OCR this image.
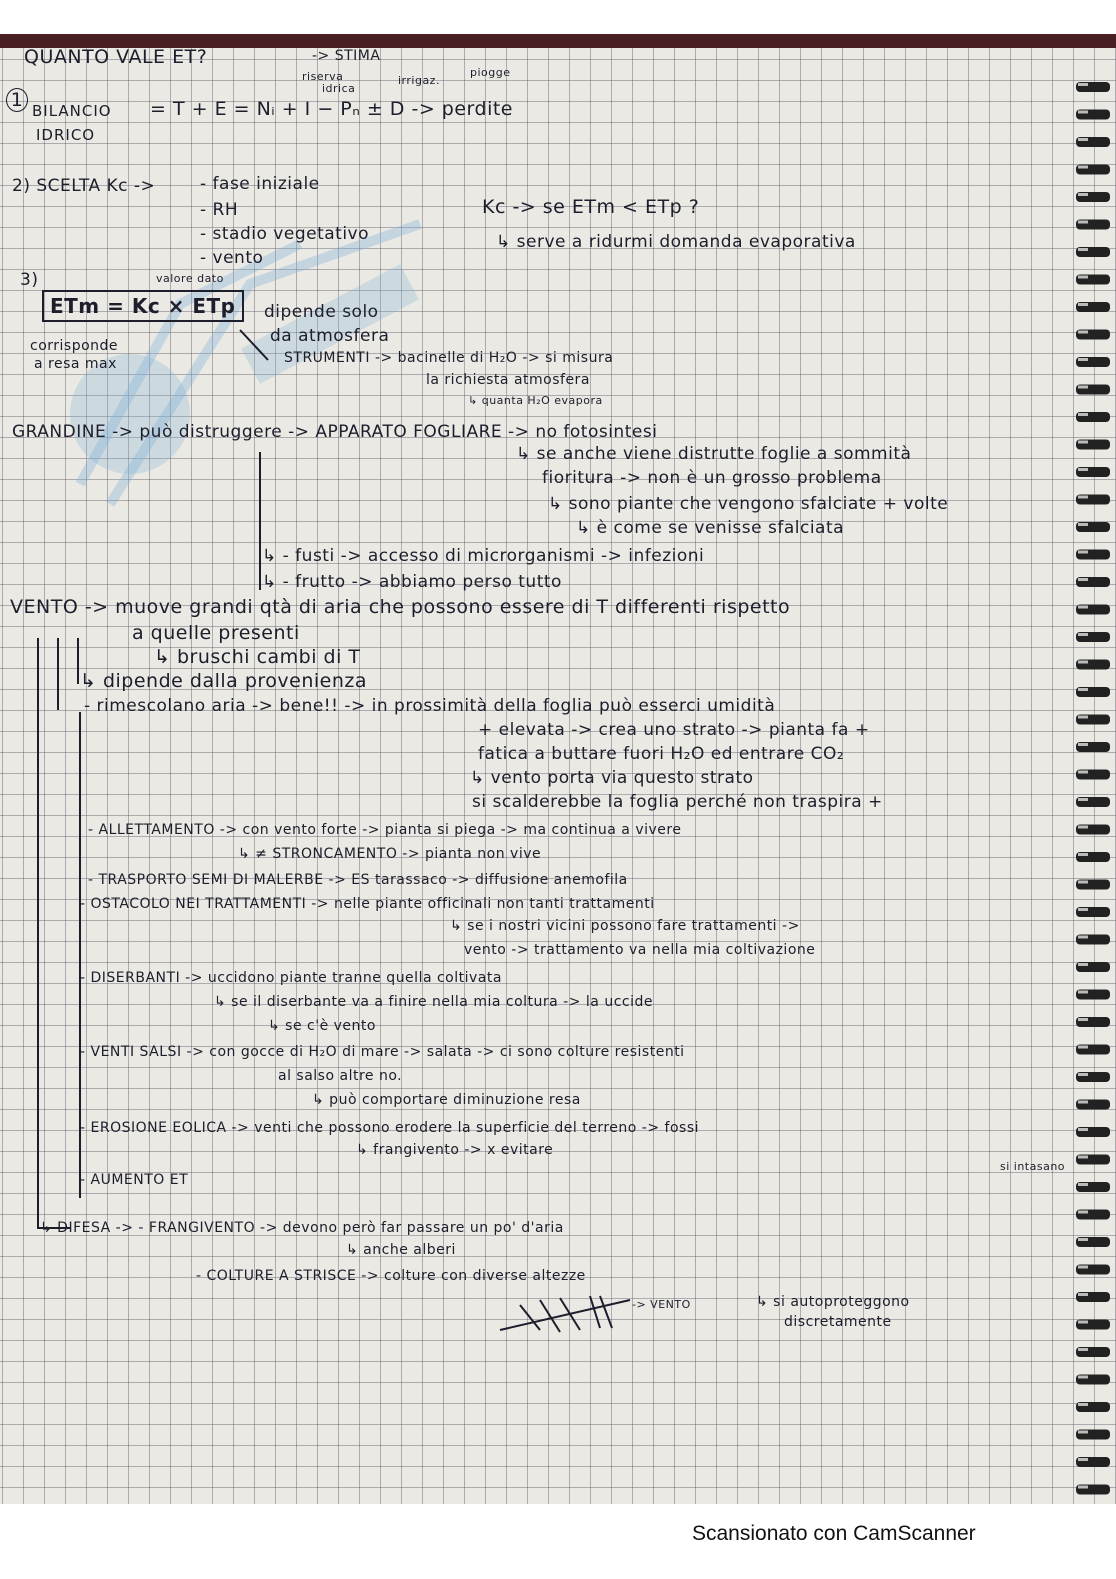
QUANTO VALE ET?	-> STIMA
1 BILANCIO
IDRICO
riserva
idrica
irrigaz.
piogge
= T + E = Nᵢ + I − Pₙ ± D -> perdite
2) SCELTA Kc ->	- fase iniziale
- RH
- stadio vegetativo
- vento
Kc -> se ETm < ETp ?
↳ serve a ridurmi domanda evaporativa
3)	valore dato
ETm = Kc × ETp	dipende solo
da atmosfera
corrisponde
a resa max	STRUMENTI -> bacinelle di H₂O -> si misura
la richiesta atmosfera
↳ quanta H₂O evapora
GRANDINE -> può distruggere -> APPARATO FOGLIARE -> no fotosintesi
↳ se anche viene distrutte foglie a sommità
fioritura -> non è un grosso problema
↳ sono piante che vengono sfalciate + volte
↳ è come se venisse sfalciata
↳ - fusti -> accesso di microrganismi -> infezioni
↳ - frutto -> abbiamo perso tutto
VENTO -> muove grandi qtà di aria che possono essere di T differenti rispetto
a quelle presenti
↳ bruschi cambi di T
↳ dipende dalla provenienza
- rimescolano aria -> bene!! -> in prossimità della foglia può esserci umidità
+ elevata -> crea uno strato -> pianta fa +
fatica a buttare fuori H₂O ed entrare CO₂
↳ vento porta via questo strato
si scalderebbe la foglia perché non traspira +
- ALLETTAMENTO -> con vento forte -> pianta si piega -> ma continua a vivere
↳ ≠ STRONCAMENTO -> pianta non vive
- TRASPORTO SEMI DI MALERBE -> ES tarassaco -> diffusione anemofila
- OSTACOLO NEI TRATTAMENTI -> nelle piante officinali non tanti trattamenti
↳ se i nostri vicini possono fare trattamenti ->
vento -> trattamento va nella mia coltivazione
- DISERBANTI -> uccidono piante tranne quella coltivata
↳ se il diserbante va a finire nella mia coltura -> la uccide
↳ se c'è vento
- VENTI SALSI -> con gocce di H₂O di mare -> salata -> ci sono colture resistenti
al salso altre no.
↳ può comportare diminuzione resa
- EROSIONE EOLICA -> venti che possono erodere la superficie del terreno -> fossi
↳ frangivento -> x evitare
si intasano
- AUMENTO ET
↳ DIFESA -> - FRANGIVENTO -> devono però far passare un po' d'aria
↳ anche alberi
- COLTURE A STRISCE -> colture con diverse altezze
-> VENTO	↳ si autoproteggono
discretamente
Scansionato con CamScanner
